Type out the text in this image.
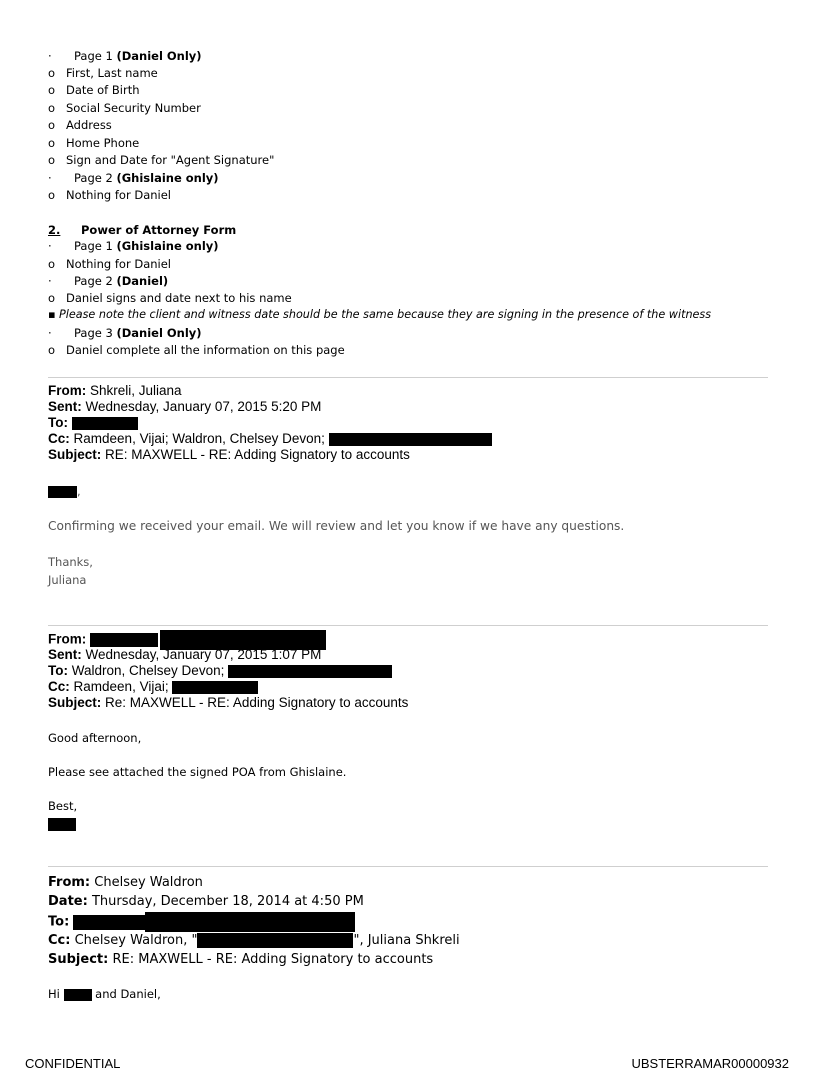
· Page 1 (Daniel Only)
o First, Last name
o Date of Birth
o Social Security Number
o Address
o Home Phone
o Sign and Date for "Agent Signature"
· Page 2 (Ghislaine only)
o Nothing for Daniel
2. Power of Attorney Form
· Page 1 (Ghislaine only)
o Nothing for Daniel
· Page 2 (Daniel)
o Daniel signs and date next to his name
▪ Please note the client and witness date should be the same because they are signing in the presence of the witness
· Page 3 (Daniel Only)
o Daniel complete all the information on this page
From: Shkreli, Juliana
Sent: Wednesday, January 07, 2015 5:20 PM
To:
Cc: Ramdeen, Vijai; Waldron, Chelsey Devon;
Subject: RE: MAXWELL - RE: Adding Signatory to accounts
,
Confirming we received your email. We will review and let you know if we have any questions.
Thanks,
Juliana
From:
Sent: Wednesday, January 07, 2015 1:07 PM
To: Waldron, Chelsey Devon;
Cc: Ramdeen, Vijai;
Subject: Re: MAXWELL - RE: Adding Signatory to accounts
Good afternoon,
Please see attached the signed POA from Ghislaine.
Best,
From: Chelsey Waldron
Date: Thursday, December 18, 2014 at 4:50 PM
To:
Cc: Chelsey Waldron, "	", Juliana Shkreli
Subject: RE: MAXWELL - RE: Adding Signatory to accounts
Hi	and Daniel,
CONFIDENTIAL	UBSTERRAMAR00000932
